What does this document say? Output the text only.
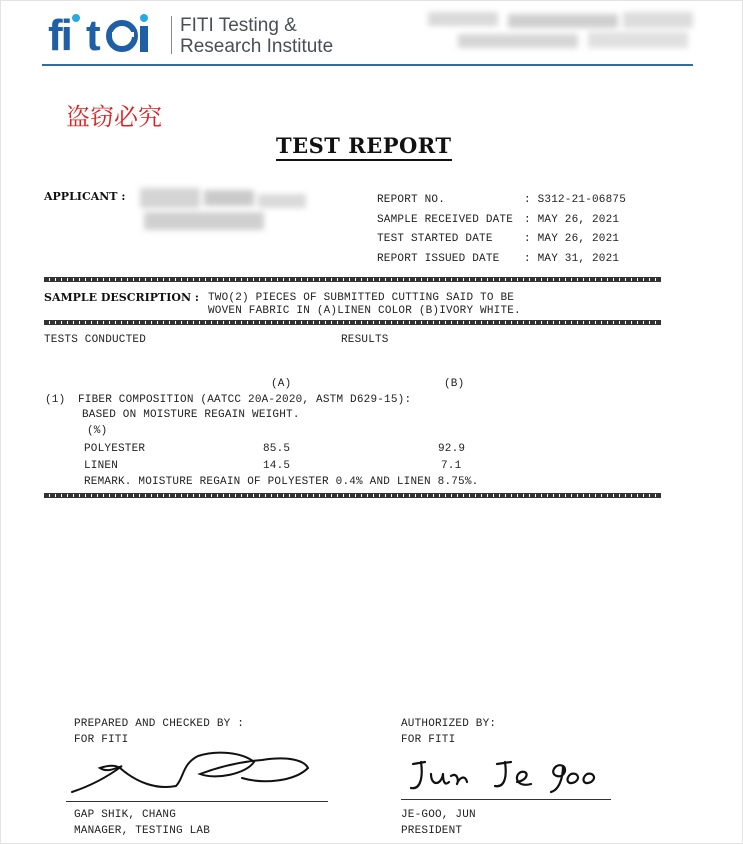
fi t	FITI Testing &
Research Institute
盗窃必究
TEST REPORT
APPLICANT :	REPORT NO.	: S312-21-06875
SAMPLE RECEIVED DATE : MAY 26, 2021
TEST STARTED DATE	: MAY 26, 2021
REPORT ISSUED DATE : MAY 31, 2021
SAMPLE DESCRIPTION : TWO(2) PIECES OF SUBMITTED CUTTING SAID TO BE
WOVEN FABRIC IN (A)LINEN COLOR (B)IVORY WHITE.
TESTS CONDUCTED	RESULTS
(A)	(B)
(1) FIBER COMPOSITION (AATCC 20A-2020, ASTM D629-15):
BASED ON MOISTURE REGAIN WEIGHT.
(%)
POLYESTER	85.5	92.9
LINEN	14.5	7.1
REMARK. MOISTURE REGAIN OF POLYESTER 0.4% AND LINEN 8.75%.
PREPARED AND CHECKED BY :
FOR FITI
GAP SHIK, CHANG
MANAGER, TESTING LAB
AUTHORIZED BY:
FOR FITI
JE-GOO, JUN
PRESIDENT
